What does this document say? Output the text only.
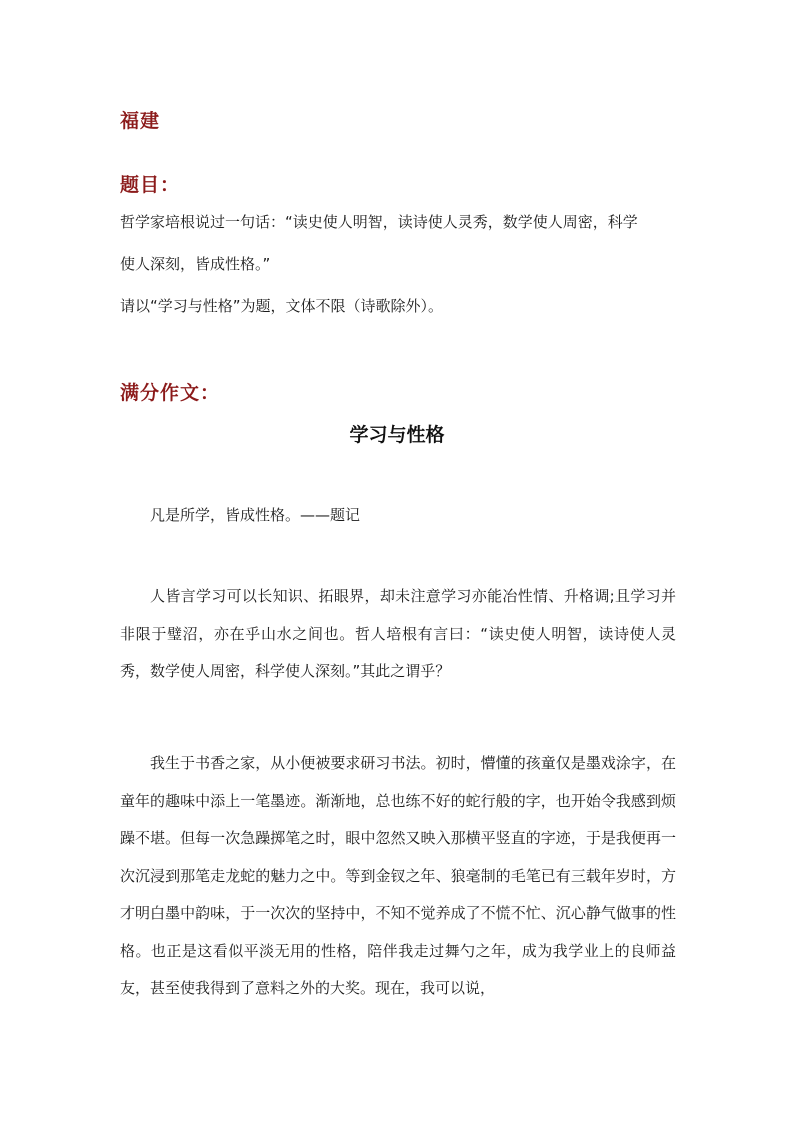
福建
题目：
哲学家培根说过一句话：“读史使人明智，读诗使人灵秀，数学使人周密，科学
使人深刻，皆成性格。”
请以“学习与性格”为题，文体不限（诗歌除外）。
满分作文：
学习与性格
凡是所学，皆成性格。——题记
人皆言学习可以长知识、拓眼界，却未注意学习亦能冶性情、升格调;且学习并非限于璧沼，亦在乎山水之间也。哲人培根有言曰：“读史使人明智，读诗使人灵秀，数学使人周密，科学使人深刻。”其此之谓乎？
我生于书香之家，从小便被要求研习书法。初时，懵懂的孩童仅是墨戏涂字，在童年的趣味中添上一笔墨迹。渐渐地，总也练不好的蛇行般的字，也开始令我感到烦躁不堪。但每一次急躁掷笔之时，眼中忽然又映入那横平竖直的字迹，于是我便再一次沉浸到那笔走龙蛇的魅力之中。等到金钗之年、狼毫制的毛笔已有三载年岁时，方才明白墨中韵味，于一次次的坚持中，不知不觉养成了不慌不忙、沉心静气做事的性格。也正是这看似平淡无用的性格，陪伴我走过舞勺之年，成为我学业上的良师益友，甚至使我得到了意料之外的大奖。现在，我可以说，
